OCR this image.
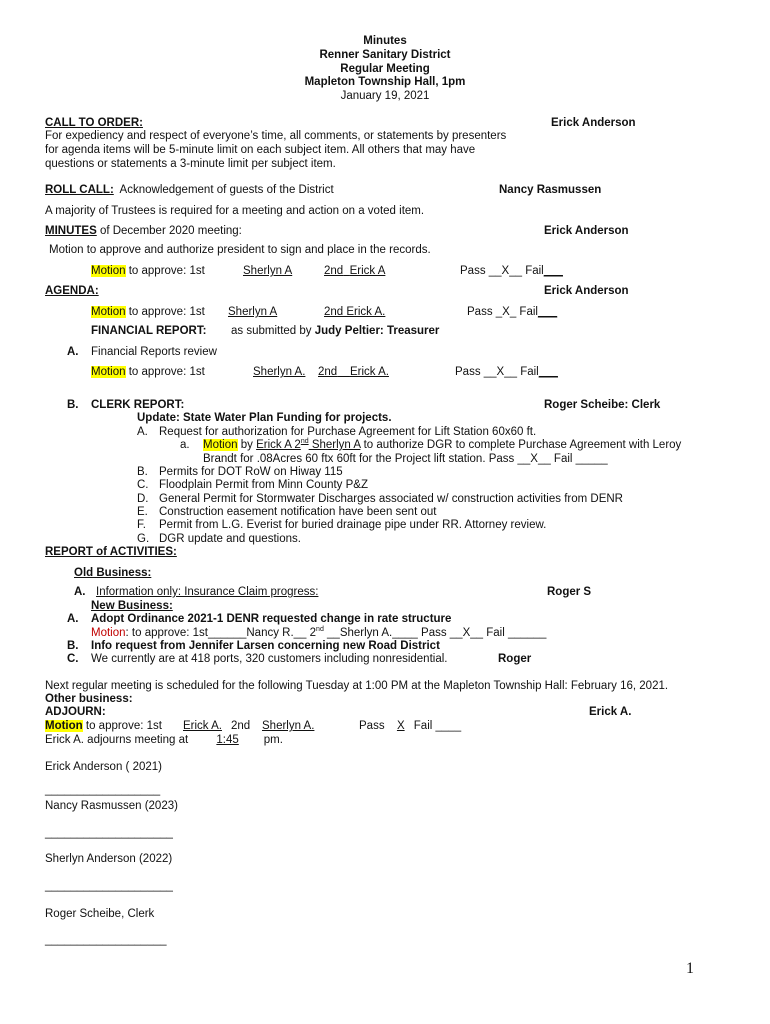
Minutes
Renner Sanitary District
Regular Meeting
Mapleton Township Hall, 1pm
January 19, 2021
CALL TO ORDER:	Erick Anderson
For expediency and respect of everyone’s time, all comments, or statements by presenters
for agenda items will be 5-minute limit on each subject item. All others that may have
questions or statements a 3-minute limit per subject item.
ROLL CALL: Acknowledgement of guests of the District	Nancy Rasmussen
A majority of Trustees is required for a meeting and action on a voted item.
MINUTES of December 2020 meeting:	Erick Anderson
Motion to approve and authorize president to sign and place in the records.
Motion to approve: 1st	Sherlyn A	2nd Erick A	Pass __X__ Fail___
AGENDA:	Erick Anderson
Motion to approve: 1st	Sherlyn A	2nd Erick A.	Pass _X_ Fail___
FINANCIAL REPORT: as submitted by Judy Peltier: Treasurer
A. Financial Reports review
Motion to approve: 1st	Sherlyn A.	2nd Erick A.	Pass __X__ Fail___
B. CLERK REPORT:	Roger Scheibe: Clerk
Update: State Water Plan Funding for projects.
A. Request for authorization for Purchase Agreement for Lift Station 60x60 ft.
a. Motion by Erick A 2nd Sherlyn A to authorize DGR to complete Purchase Agreement with Leroy
Brandt for .08Acres 60 ftx 60ft for the Project lift station. Pass __X__ Fail _____
B. Permits for DOT RoW on Hiway 115
C. Floodplain Permit from Minn County P&Z
D. General Permit for Stormwater Discharges associated w/ construction activities from DENR
E. Construction easement notification have been sent out
F. Permit from L.G. Everist for buried drainage pipe under RR. Attorney review.
G. DGR update and questions.
REPORT of ACTIVITIES:
Old Business:
A. Information only: Insurance Claim progress:	Roger S
New Business:
A. Adopt Ordinance 2021-1 DENR requested change in rate structure
Motion: to approve: 1st______Nancy R.__ 2nd __Sherlyn A.____ Pass __X__ Fail ______
B. Info request from Jennifer Larsen concerning new Road District
C. We currently are at 418 ports, 320 customers including nonresidential.	Roger
Next regular meeting is scheduled for the following Tuesday at 1:00 PM at the Mapleton Township Hall: February 16, 2021.
Other business:
ADJOURN:	Erick A.
Motion to approve: 1st	Erick A. 2nd	Sherlyn A.	Pass X Fail ____
Erick A. adjourns meeting at 1:45 pm.
Erick Anderson ( 2021)
__________________
Nancy Rasmussen (2023)
____________________
Sherlyn Anderson (2022)
____________________
Roger Scheibe, Clerk
___________________
1
